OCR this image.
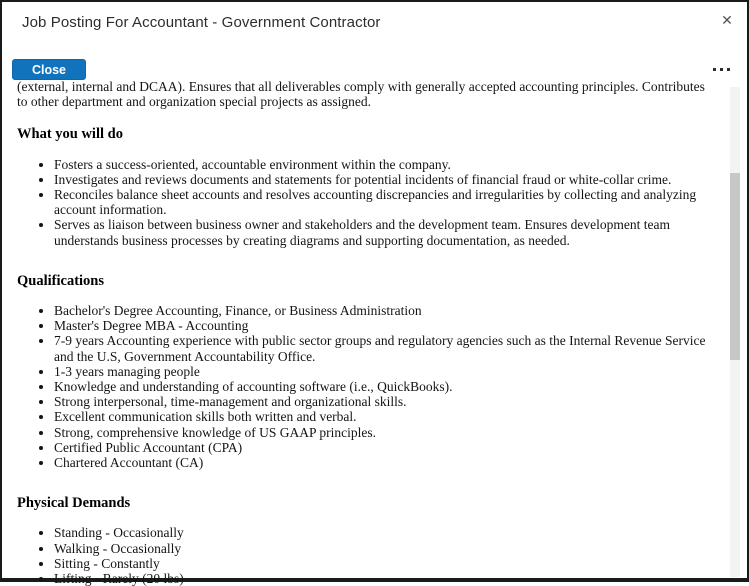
Job Posting For Accountant - Government Contractor	✕
Close

(external, internal and DCAA). Ensures that all deliverables comply with generally accepted accounting principles. Contributes to other department and organization special projects as assigned.

What you will do
• Fosters a success-oriented, accountable environment within the company.
• Investigates and reviews documents and statements for potential incidents of financial fraud or white-collar crime.
• Reconciles balance sheet accounts and resolves accounting discrepancies and irregularities by collecting and analyzing account information.
• Serves as liaison between business owner and stakeholders and the development team. Ensures development team understands business processes by creating diagrams and supporting documentation, as needed.
Qualifications
• Bachelor's Degree Accounting, Finance, or Business Administration
• Master's Degree MBA - Accounting
• 7-9 years Accounting experience with public sector groups and regulatory agencies such as the Internal Revenue Service and the U.S, Government Accountability Office.
• 1-3 years managing people
• Knowledge and understanding of accounting software (i.e., QuickBooks).
• Strong interpersonal, time-management and organizational skills.
• Excellent communication skills both written and verbal.
• Strong, comprehensive knowledge of US GAAP principles.
• Certified Public Accountant (CPA)
• Chartered Accountant (CA)
Physical Demands
• Standing - Occasionally
• Walking - Occasionally
• Sitting - Constantly
• Lifting - Rarely (20 lbs)
